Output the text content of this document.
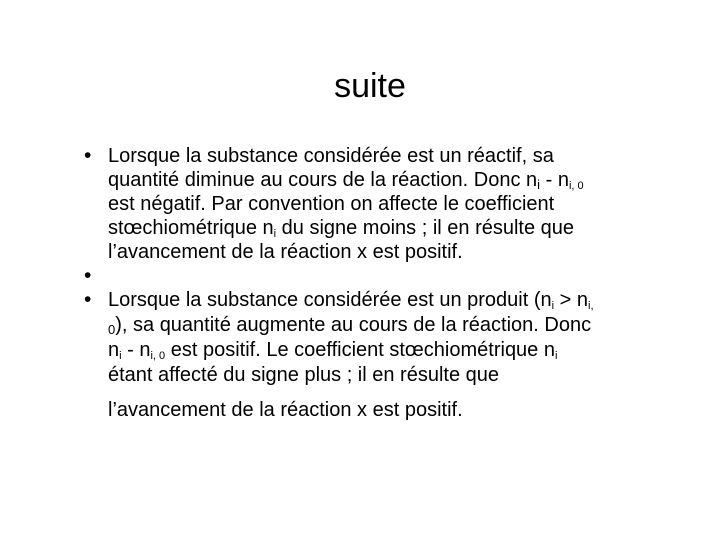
suite
• Lorsque la substance considérée est un réactif, sa
quantité diminue au cours de la réaction. Donc $n_i - n_{i, 0}$
est négatif. Par convention on affecte le coefficient
stœchiométrique $n_i$ du signe moins ; il en résulte que
l’avancement de la réaction x est positif.
•
• Lorsque la substance considérée est un produit ($n_i > n_{i,}$
$_0$), sa quantité augmente au cours de la réaction. Donc
$n_i - n_{i, 0}$ est positif. Le coefficient stœchiométrique $n_i$
étant affecté du signe plus ; il en résulte que
l’avancement de la réaction x est positif.
